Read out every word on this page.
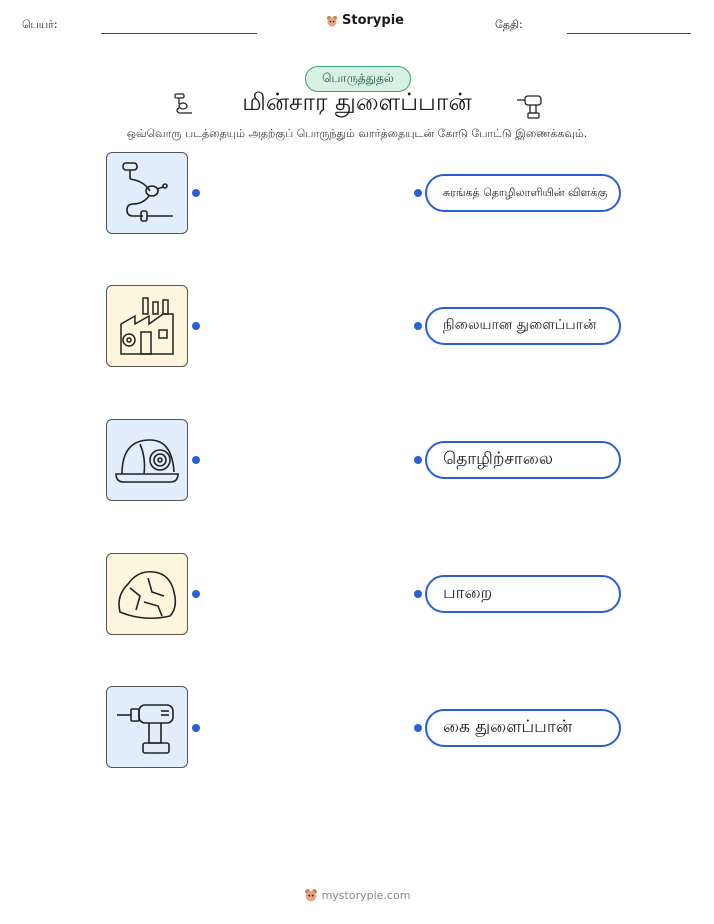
பெயர்:	Storypie	தேதி:
பொருத்துதல்
மின்சார துளைப்பான்
ஒவ்வொரு படத்தையும் அதற்குப் பொருந்தும் வார்த்தையுடன் கோடு போட்டு இணைக்கவும்.
சுரங்கத் தொழிலாளியின் விளக்கு
நிலையான துளைப்பான்
தொழிற்சாலை
பாறை
கை துளைப்பான்
mystorypie.com
